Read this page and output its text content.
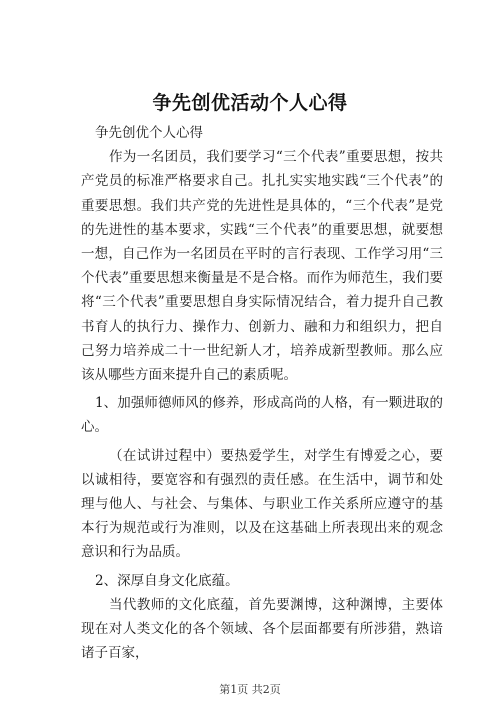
争先创优活动个人心得

争先创优个人心得

作为一名团员，我们要学习“三个代表”重要思想，按共产党员的标准严格要求自己。扎扎实实地实践“三个代表”的重要思想。我们共产党的先进性是具体的，“三个代表”是党的先进性的基本要求，实践“三个代表”的重要思想，就要想一想，自己作为一名团员在平时的言行表现、工作学习用“三个代表”重要思想来衡量是不是合格。而作为师范生，我们要将“三个代表”重要思想自身实际情况结合，着力提升自己教书育人的执行力、操作力、创新力、融和力和组织力，把自己努力培养成二十一世纪新人才，培养成新型教师。那么应该从哪些方面来提升自己的素质呢。

1、加强师德师风的修养，形成高尚的人格，有一颗进取的心。

（在试讲过程中）要热爱学生，对学生有博爱之心，要以诚相待，要宽容和有强烈的责任感。在生活中，调节和处理与他人、与社会、与集体、与职业工作关系所应遵守的基本行为规范或行为准则，以及在这基础上所表现出来的观念意识和行为品质。

2、深厚自身文化底蕴。

当代教师的文化底蕴，首先要渊博，这种渊博，主要体现在对人类文化的各个领域、各个层面都要有所涉猎，熟谙诸子百家，

第1页 共2页
